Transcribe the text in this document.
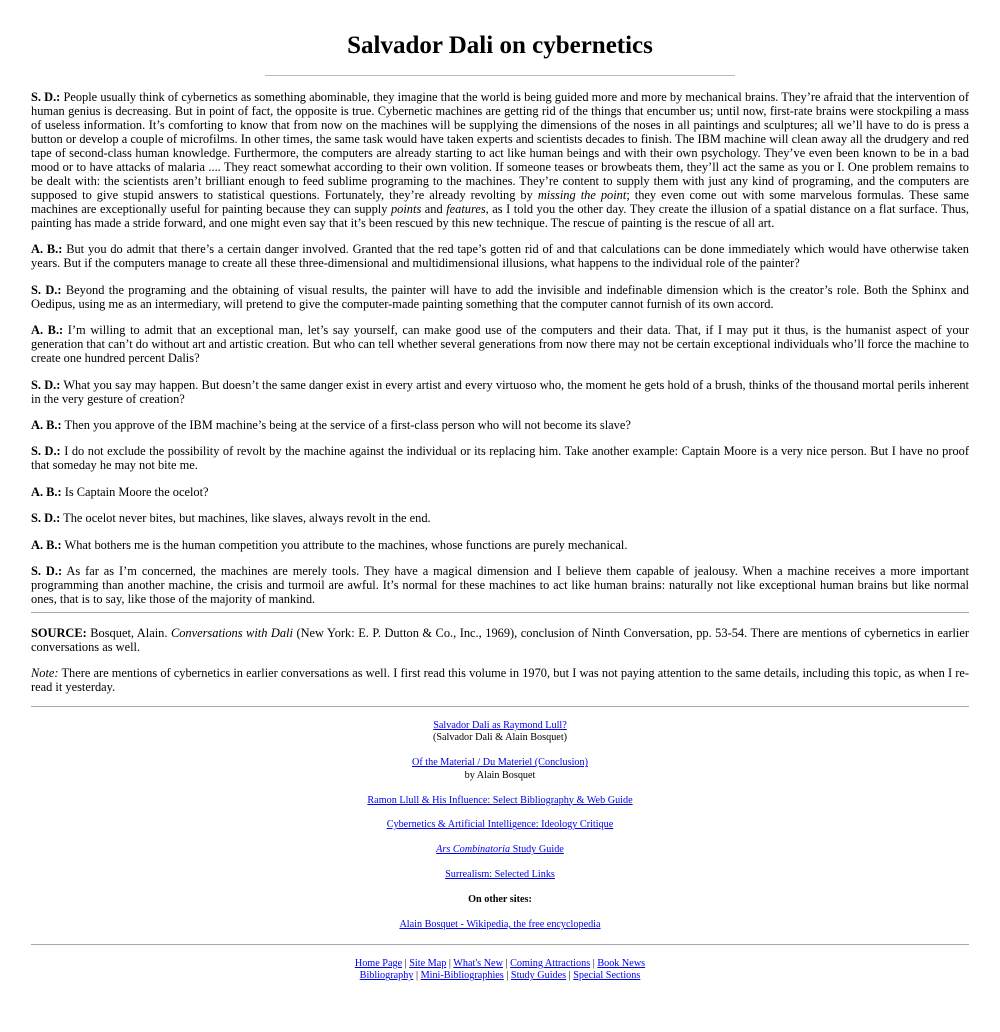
Salvador Dali on cybernetics

S. D.: People usually think of cybernetics as something abominable, they imagine that the world is being guided more and more by mechanical brains. They’re afraid that the intervention of human genius is decreasing. But in point of fact, the opposite is true. Cybernetic machines are getting rid of the things that encumber us; until now, first-rate brains were stockpiling a mass of useless information. It’s comforting to know that from now on the machines will be supplying the dimensions of the noses in all paintings and sculptures; all we’ll have to do is press a button or develop a couple of microfilms. In other times, the same task would have taken experts and scientists decades to finish. The IBM machine will clean away all the drudgery and red tape of second-class human knowledge. Furthermore, the computers are already starting to act like human beings and with their own psychology. They’ve even been known to be in a bad mood or to have attacks of malaria .... They react somewhat according to their own volition. If someone teases or browbeats them, they’ll act the same as you or I. One problem remains to be dealt with: the scientists aren’t brilliant enough to feed sublime programing to the machines. They’re content to supply them with just any kind of programing, and the computers are supposed to give stupid answers to statistical questions. Fortunately, they’re already revolting by missing the point; they even come out with some marvelous formulas. These same machines are exceptionally useful for painting because they can supply points and features, as I told you the other day. They create the illusion of a spatial distance on a flat surface. Thus, painting has made a stride forward, and one might even say that it’s been rescued by this new technique. The rescue of painting is the rescue of all art.

A. B.: But you do admit that there’s a certain danger involved. Granted that the red tape’s gotten rid of and that calculations can be done immediately which would have otherwise taken years. But if the computers manage to create all these three-dimensional and multidimensional illusions, what happens to the individual role of the painter?

S. D.: Beyond the programing and the obtaining of visual results, the painter will have to add the invisible and indefinable dimension which is the creator’s role. Both the Sphinx and Oedipus, using me as an intermediary, will pretend to give the computer-made painting something that the computer cannot furnish of its own accord.

A. B.: I’m willing to admit that an exceptional man, let’s say yourself, can make good use of the computers and their data. That, if I may put it thus, is the humanist aspect of your generation that can’t do without art and artistic creation. But who can tell whether several generations from now there may not be certain exceptional individuals who’ll force the machine to create one hundred percent Dalis?

S. D.: What you say may happen. But doesn’t the same danger exist in every artist and every virtuoso who, the moment he gets hold of a brush, thinks of the thousand mortal perils inherent in the very gesture of creation?

A. B.: Then you approve of the IBM machine’s being at the service of a first-class person who will not become its slave?

S. D.: I do not exclude the possibility of revolt by the machine against the individual or its replacing him. Take another example: Captain Moore is a very nice person. But I have no proof that someday he may not bite me.

A. B.: Is Captain Moore the ocelot?

S. D.: The ocelot never bites, but machines, like slaves, always revolt in the end.

A. B.: What bothers me is the human competition you attribute to the machines, whose functions are purely mechanical.

S. D.: As far as I’m concerned, the machines are merely tools. They have a magical dimension and I believe them capable of jealousy. When a machine receives a more important programming than another machine, the crisis and turmoil are awful. It’s normal for these machines to act like human brains: naturally not like exceptional human brains but like normal ones, that is to say, like those of the majority of mankind.

SOURCE: Bosquet, Alain. Conversations with Dali (New York: E. P. Dutton & Co., Inc., 1969), conclusion of Ninth Conversation, pp. 53-54. There are mentions of cybernetics in earlier conversations as well.

Note: There are mentions of cybernetics in earlier conversations as well. I first read this volume in 1970, but I was not paying attention to the same details, including this topic, as when I re-read it yesterday.

Salvador Dali as Raymond Lull?
(Salvador Dali & Alain Bosquet)
Of the Material / Du Materiel (Conclusion)
by Alain Bosquet
Ramon Llull & His Influence: Select Bibliography & Web Guide
Cybernetics & Artificial Intelligence: Ideology Critique
Ars Combinatoria Study Guide
Surrealism: Selected Links
On other sites:
Alain Bosquet - Wikipedia, the free encyclopedia
Home Page | Site Map | What's New | Coming Attractions | Book News
Bibliography | Mini-Bibliographies | Study Guides | Special Sections
